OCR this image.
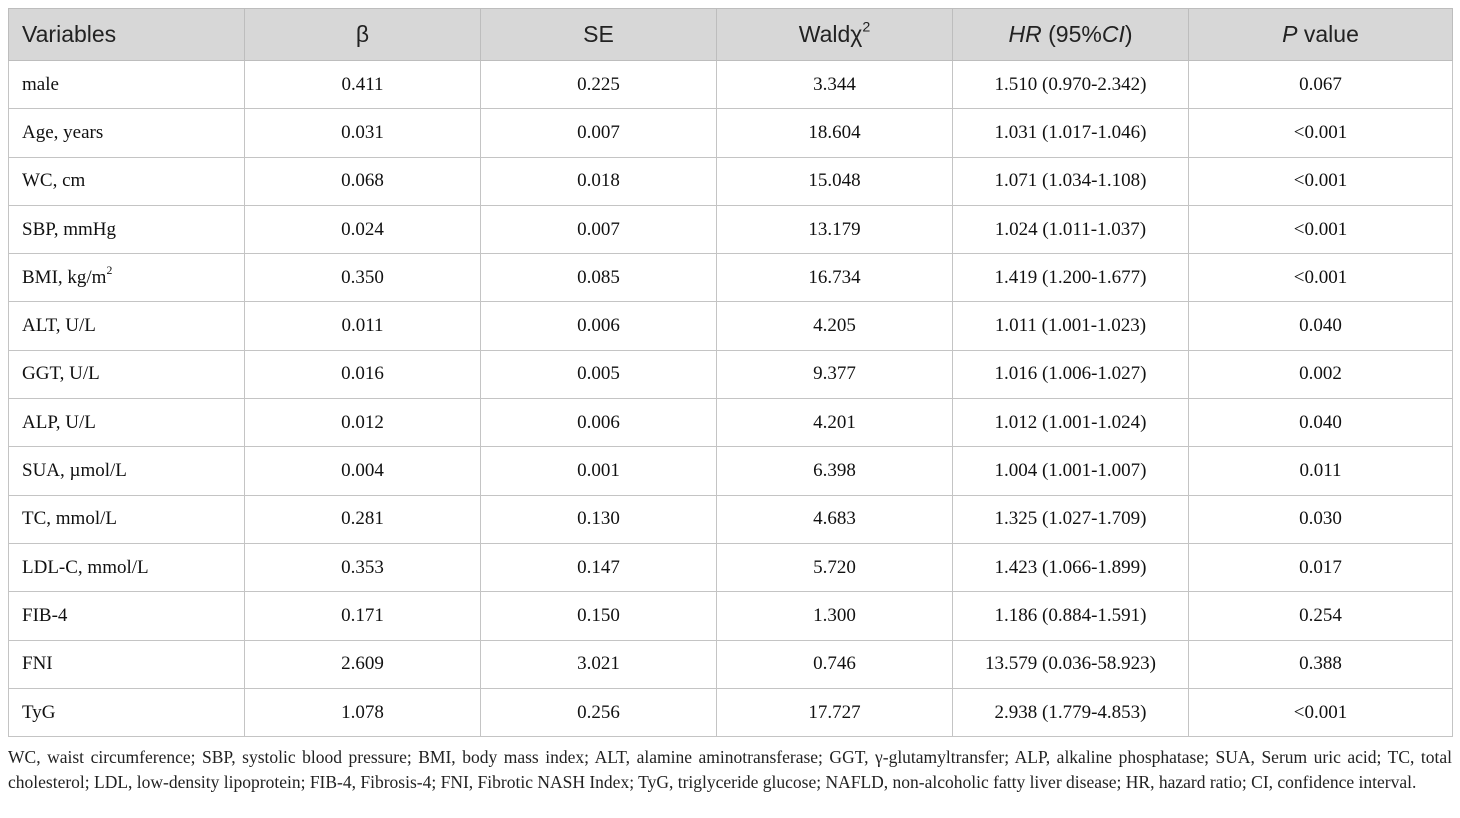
Variables	β	SE	Waldχ$^2$	HR (95%CI)	P value
male	0.411	0.225	3.344	1.510 (0.970-2.342)	0.067
Age, years	0.031	0.007	18.604	1.031 (1.017-1.046)	<0.001
WC, cm	0.068	0.018	15.048	1.071 (1.034-1.108)	<0.001
SBP, mmHg	0.024	0.007	13.179	1.024 (1.011-1.037)	<0.001
BMI, $kg/m^2$	0.350	0.085	16.734	1.419 (1.200-1.677)	<0.001
ALT, U/L	0.011	0.006	4.205	1.011 (1.001-1.023)	0.040
GGT, U/L	0.016	0.005	9.377	1.016 (1.006-1.027)	0.002
ALP, U/L	0.012	0.006	4.201	1.012 (1.001-1.024)	0.040
SUA, µmol/L	0.004	0.001	6.398	1.004 (1.001-1.007)	0.011
TC, mmol/L	0.281	0.130	4.683	1.325 (1.027-1.709)	0.030
LDL-C, mmol/L	0.353	0.147	5.720	1.423 (1.066-1.899)	0.017
FIB-4	0.171	0.150	1.300	1.186 (0.884-1.591)	0.254
FNI	2.609	3.021	0.746	13.579 (0.036-58.923)	0.388
TyG	1.078	0.256	17.727	2.938 (1.779-4.853)	<0.001
WC, waist circumference; SBP, systolic blood pressure; BMI, body mass index; ALT, alamine aminotransferase; GGT, γ-glutamyltransfer; ALP, alkaline phosphatase; SUA, Serum uric acid; TC, total cholesterol; LDL, low-density lipoprotein; FIB-4, Fibrosis-4; FNI, Fibrotic NASH Index; TyG, triglyceride glucose; NAFLD, non-alcoholic fatty liver disease; HR, hazard ratio; CI, confidence interval.
